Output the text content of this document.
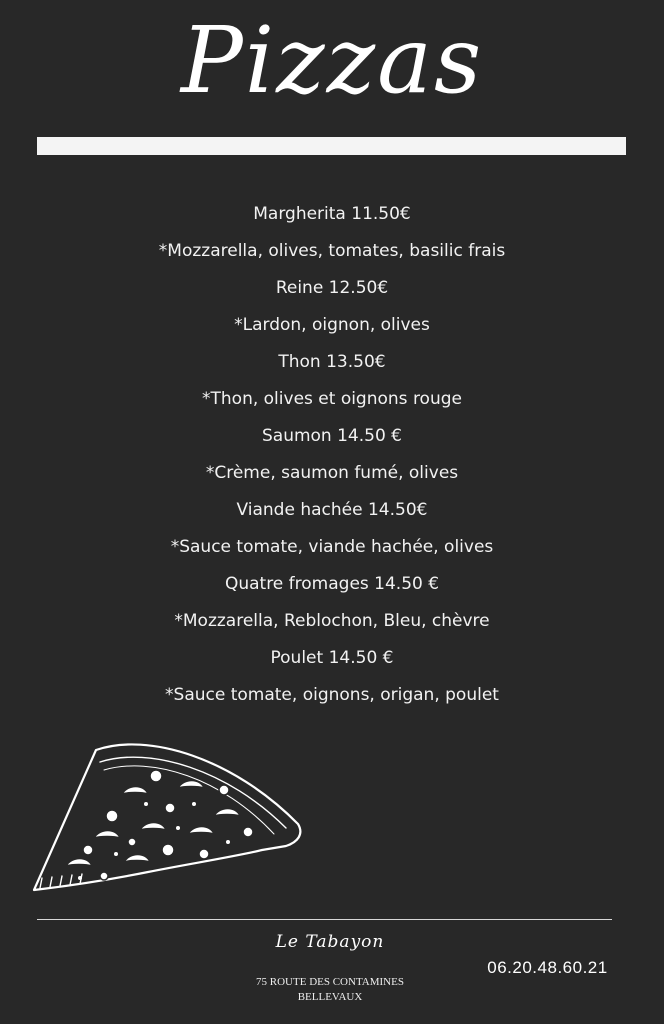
Pizzas
Margherita 11.50€
*Mozzarella, olives, tomates, basilic frais
Reine 12.50€
*Lardon, oignon, olives
Thon 13.50€
*Thon, olives et oignons rouge
Saumon 14.50 €
*Crème, saumon fumé, olives
Viande hachée 14.50€
*Sauce tomate, viande hachée, olives
Quatre fromages 14.50 €
*Mozzarella, Reblochon, Bleu, chèvre
Poulet 14.50 €
*Sauce tomate, oignons, origan, poulet
Le Tabayon
75 ROUTE DES CONTAMINES
BELLEVAUX
06.20.48.60.21
